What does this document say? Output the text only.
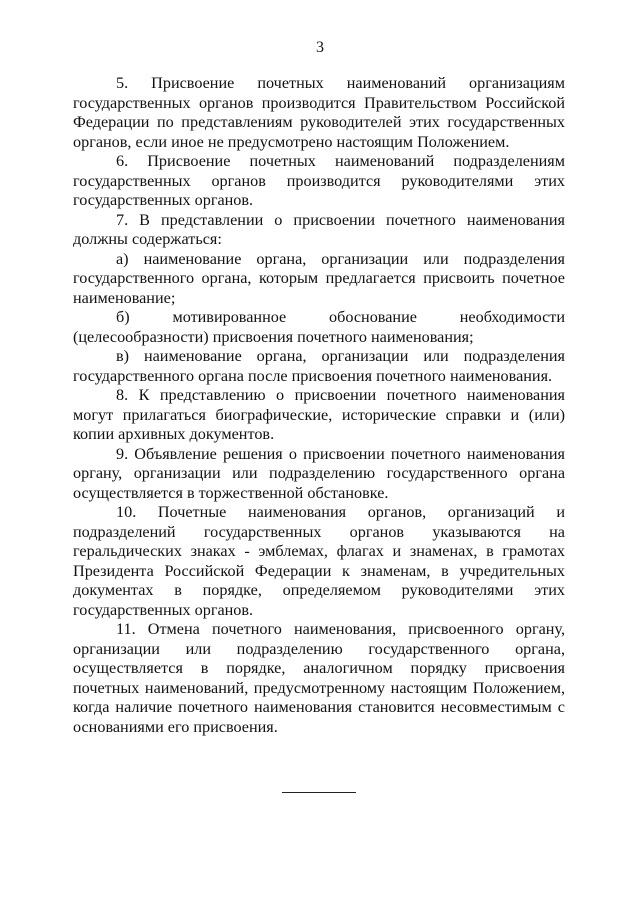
3

5. Присвоение почетных наименований организациям государственных органов производится Правительством Российской Федерации по представлениям руководителей этих государственных органов, если иное не предусмотрено настоящим Положением.

6. Присвоение почетных наименований подразделениям государственных органов производится руководителями этих государственных органов.

7. В представлении о присвоении почетного наименования должны содержаться:

а) наименование органа, организации или подразделения государственного органа, которым предлагается присвоить почетное наименование;

б) мотивированное обоснование необходимости (целесообразности) присвоения почетного наименования;

в) наименование органа, организации или подразделения государственного органа после присвоения почетного наименования.

8. К представлению о присвоении почетного наименования могут прилагаться биографические, исторические справки и (или) копии архивных документов.

9. Объявление решения о присвоении почетного наименования органу, организации или подразделению государственного органа осуществляется в торжественной обстановке.

10. Почетные наименования органов, организаций и подразделений государственных органов указываются на геральдических знаках - эмблемах, флагах и знаменах, в грамотах Президента Российской Федерации к знаменам, в учредительных документах в порядке, определяемом руководителями этих государственных органов.

11. Отмена почетного наименования, присвоенного органу, организации или подразделению государственного органа, осуществляется в порядке, аналогичном порядку присвоения почетных наименований, предусмотренному настоящим Положением, когда наличие почетного наименования становится несовместимым с основаниями его присвоения.
